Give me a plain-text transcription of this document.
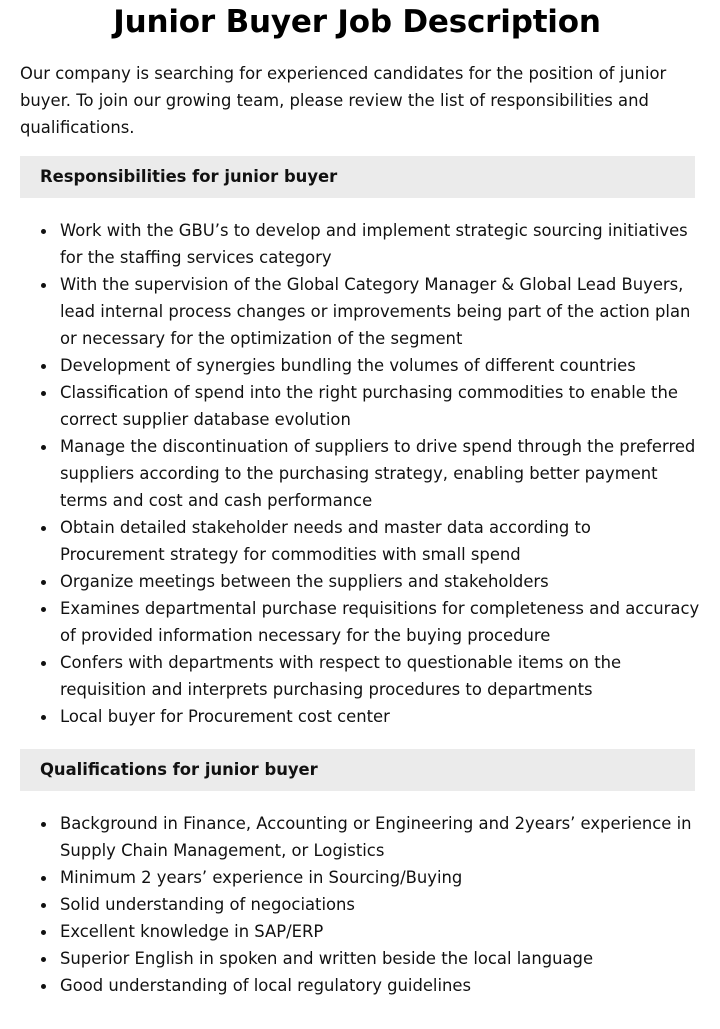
Junior Buyer Job Description

Our company is searching for experienced candidates for the position of junior buyer. To join our growing team, please review the list of responsibilities and qualifications.

Responsibilities for junior buyer
Work with the GBU’s to develop and implement strategic sourcing initiatives for the staffing services category
With the supervision of the Global Category Manager & Global Lead Buyers, lead internal process changes or improvements being part of the action plan or necessary for the optimization of the segment
Development of synergies bundling the volumes of different countries
Classification of spend into the right purchasing commodities to enable the correct supplier database evolution
Manage the discontinuation of suppliers to drive spend through the preferred suppliers according to the purchasing strategy, enabling better payment terms and cost and cash performance
Obtain detailed stakeholder needs and master data according to Procurement strategy for commodities with small spend
Organize meetings between the suppliers and stakeholders
Examines departmental purchase requisitions for completeness and accuracy of provided information necessary for the buying procedure
Confers with departments with respect to questionable items on the requisition and interprets purchasing procedures to departments
Local buyer for Procurement cost center
Qualifications for junior buyer
Background in Finance, Accounting or Engineering and 2years’ experience in Supply Chain Management, or Logistics
Minimum 2 years’ experience in Sourcing/Buying
Solid understanding of negociations
Excellent knowledge in SAP/ERP
Superior English in spoken and written beside the local language
Good understanding of local regulatory guidelines
